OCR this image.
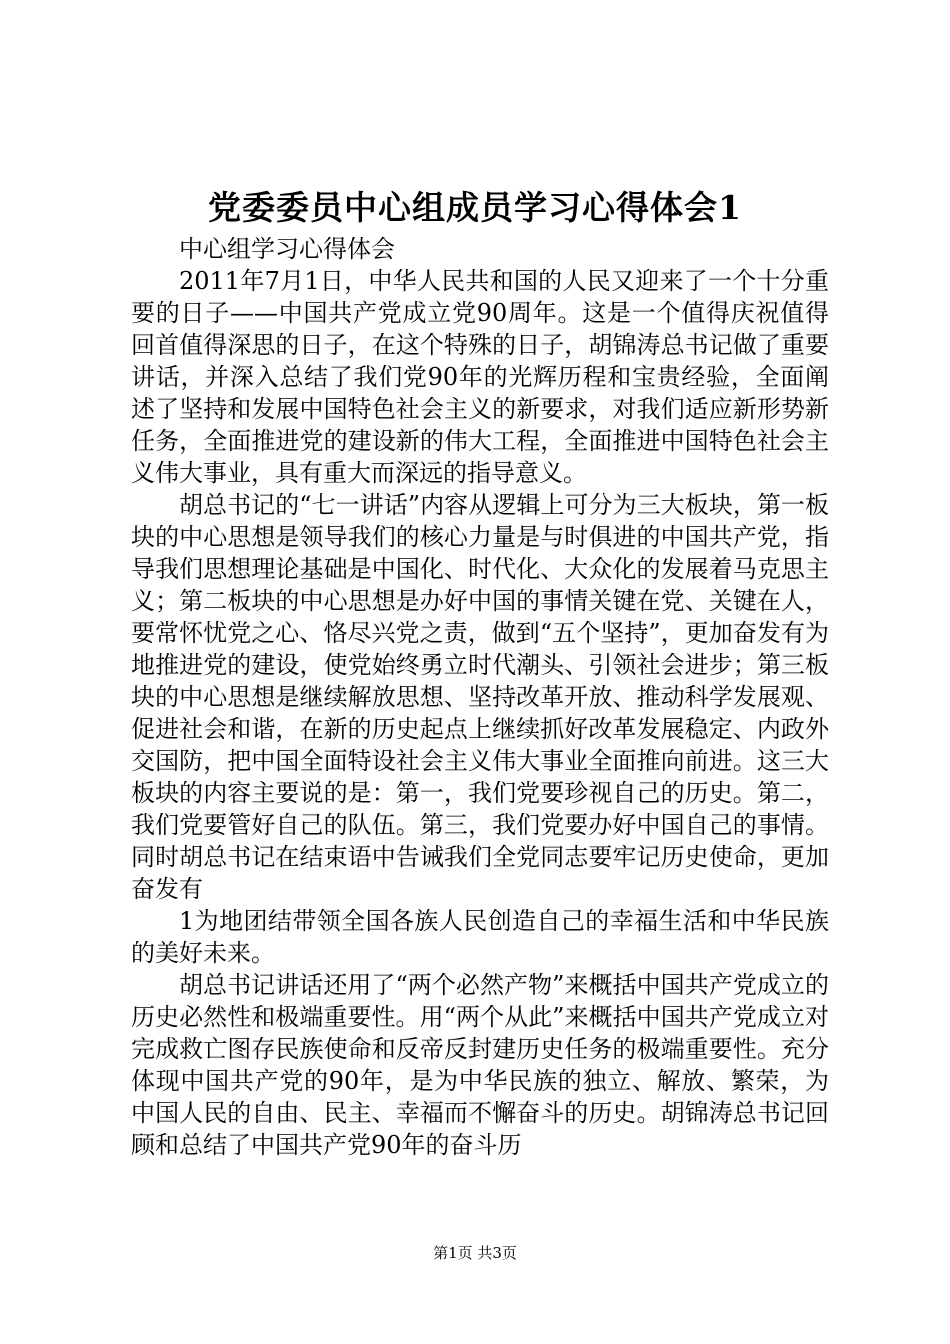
党委委员中心组成员学习心得体会1

中心组学习心得体会

2011年7月1日，中华人民共和国的人民又迎来了一个十分重要的日子——中国共产党成立党90周年。这是一个值得庆祝值得回首值得深思的日子，在这个特殊的日子，胡锦涛总书记做了重要讲话，并深入总结了我们党90年的光辉历程和宝贵经验，全面阐述了坚持和发展中国特色社会主义的新要求，对我们适应新形势新任务，全面推进党的建设新的伟大工程，全面推进中国特色社会主义伟大事业，具有重大而深远的指导意义。

胡总书记的“七一讲话”内容从逻辑上可分为三大板块，第一板块的中心思想是领导我们的核心力量是与时俱进的中国共产党，指导我们思想理论基础是中国化、时代化、大众化的发展着马克思主义；第二板块的中心思想是办好中国的事情关键在党、关键在人，要常怀忧党之心、恪尽兴党之责，做到“五个坚持”，更加奋发有为地推进党的建设，使党始终勇立时代潮头、引领社会进步；第三板块的中心思想是继续解放思想、坚持改革开放、推动科学发展观、促进社会和谐，在新的历史起点上继续抓好改革发展稳定、内政外交国防，把中国全面特设社会主义伟大事业全面推向前进。这三大板块的内容主要说的是：第一，我们党要珍视自己的历史。第二，我们党要管好自己的队伍。第三，我们党要办好中国自己的事情。同时胡总书记在结束语中告诫我们全党同志要牢记历史使命，更加奋发有

1为地团结带领全国各族人民创造自己的幸福生活和中华民族的美好未来。

胡总书记讲话还用了“两个必然产物”来概括中国共产党成立的历史必然性和极端重要性。用“两个从此”来概括中国共产党成立对完成救亡图存民族使命和反帝反封建历史任务的极端重要性。充分体现中国共产党的90年，是为中华民族的独立、解放、繁荣，为中国人民的自由、民主、幸福而不懈奋斗的历史。胡锦涛总书记回顾和总结了中国共产党90年的奋斗历

第1页 共3页
